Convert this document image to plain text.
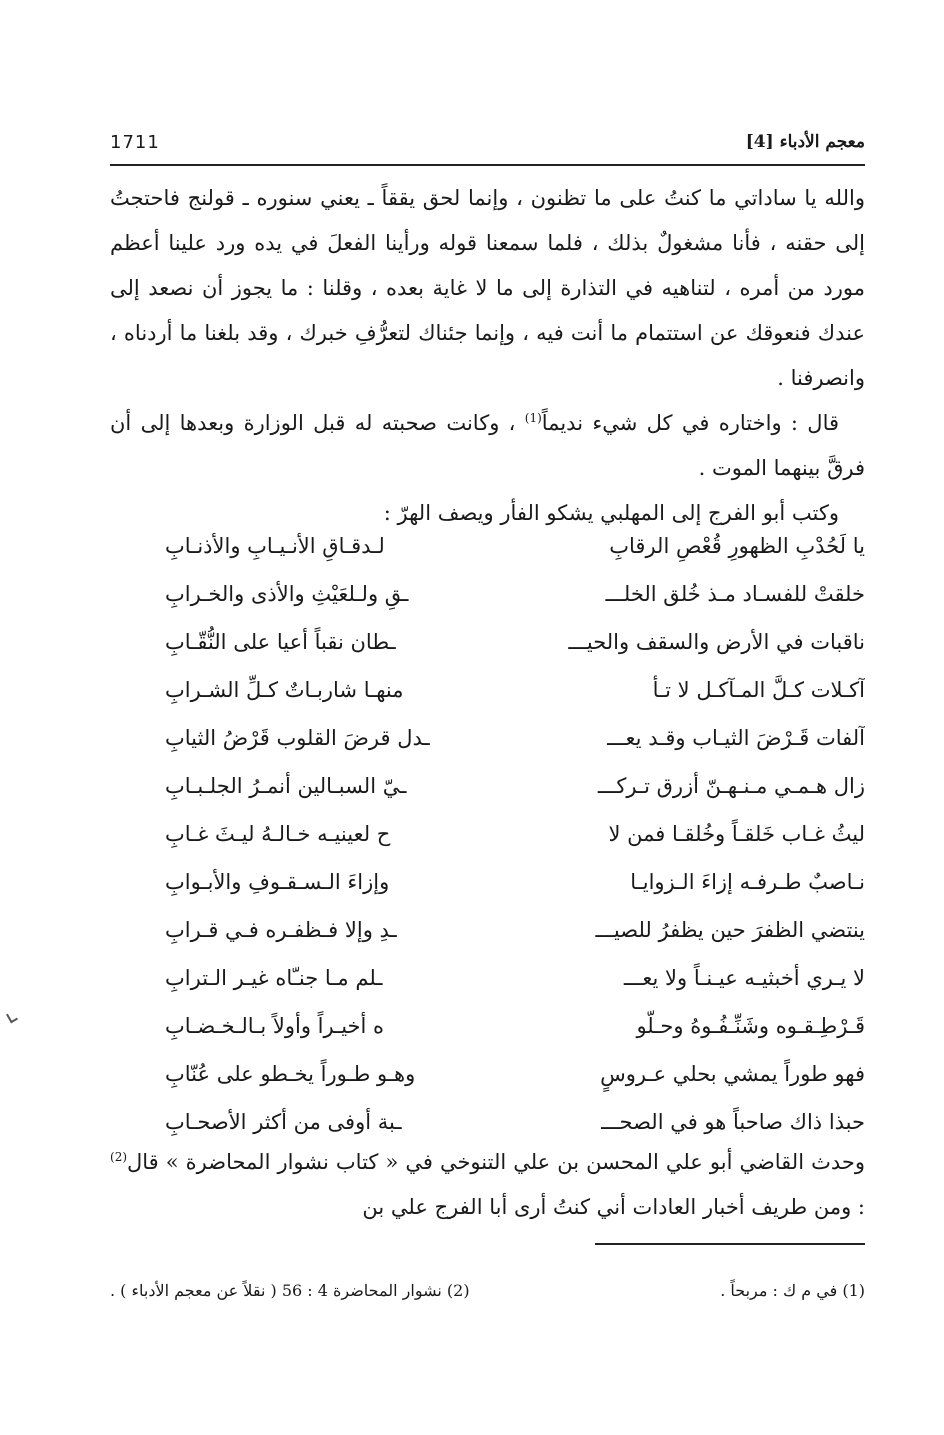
1711	معجم الأدباء [4]

والله يا ساداتي ما كنتُ على ما تظنون ، وإنما لحق يققاً ـ يعني سنوره ـ قولنج فاحتجتُ إلى حقنه ، فأنا مشغولٌ بذلك ، فلما سمعنا قوله ورأينا الفعلَ في يده ورد علينا أعظم مورد من أمره ، لتناهيه في التذارة إلى ما لا غاية بعده ، وقلنا : ما يجوز أن نصعد إلى عندك فنعوقك عن استتمام ما أنت فيه ، وإنما جئناك لتعرُّفِ خبرك ، وقد بلغنا ما أردناه ، وانصرفنا .

قال : واختاره في كل شيء نديماً$^{(1)}$ ، وكانت صحبته له قبل الوزارة وبعدها إلى أن فرقَّ بينهما الموت .

وكتب أبو الفرج إلى المهلبي يشكو الفأر ويصف الهرّ :

يا لَحُدْبِ الظهورِ قُعْصِ الرقابِ
لـدقـاقِ الأنـيـابِ والأذنـابِ
خلقتْ للفسـاد مـذ خُلق الخلـــ
ـقِ ولـلعَيْثِ والأذى والخـرابِ
ناقبات في الأرض والسقف والحيـــ
ـطان نقباً أعيا على النُّقّـابِ
آكـلات كـلَّ المـآكـل لا تـأ
منهـا شاربـاتٌ كـلِّ الشـرابِ
آلفات قَـرْضَ الثيـاب وقـد يعـــ
ـدل قرضَ القلوب قَرْضُ الثيابِ
زال هـمـي مـنـهـنّ أزرق تـركـــ
ـيّ السبـالين أنمـرُ الجلـبـابِ
ليثُ غـاب خَلقـاً وخُلقـا فمن لا
ح لعينيـه خـالـهُ ليـثَ غـابِ
نـاصبٌ طـرفـه إزاءَ الـزوايـا
وإزاءَ الـسـقـوفِ والأبـوابِ
ينتضي الظفرَ حين يظفرُ للصيـــ
ـدِ وإلا فـظفـره فـي قـرابِ
لا يـري أخبثيـه عيـنـاً ولا يعـــ
ـلم مـا جنـّاه غيـر الـترابِ
قَـرْطِـقـوه وشَنِّـفُـوهُ وحـلّو
ه أخيـراً وأولاً بـالـخـضـابِ
فهو طوراً يمشي بحلي عـروسٍ
وهـو طـوراً يخـطو على عُنّابِ
حبذا ذاك صاحباً هو في الصحـــ
ـبة أوفى من أكثر الأصحـابِ

وحدث القاضي أبو علي المحسن بن علي التنوخي في « كتاب نشوار المحاضرة » قال$^{(2)}$ : ومن طريف أخبار العادات أني كنتُ أرى أبا الفرج علي بن

(1) في م ك : مربحاً .
(2) نشوار المحاضرة 4 : 56 ( نقلاً عن معجم الأدباء ) .
